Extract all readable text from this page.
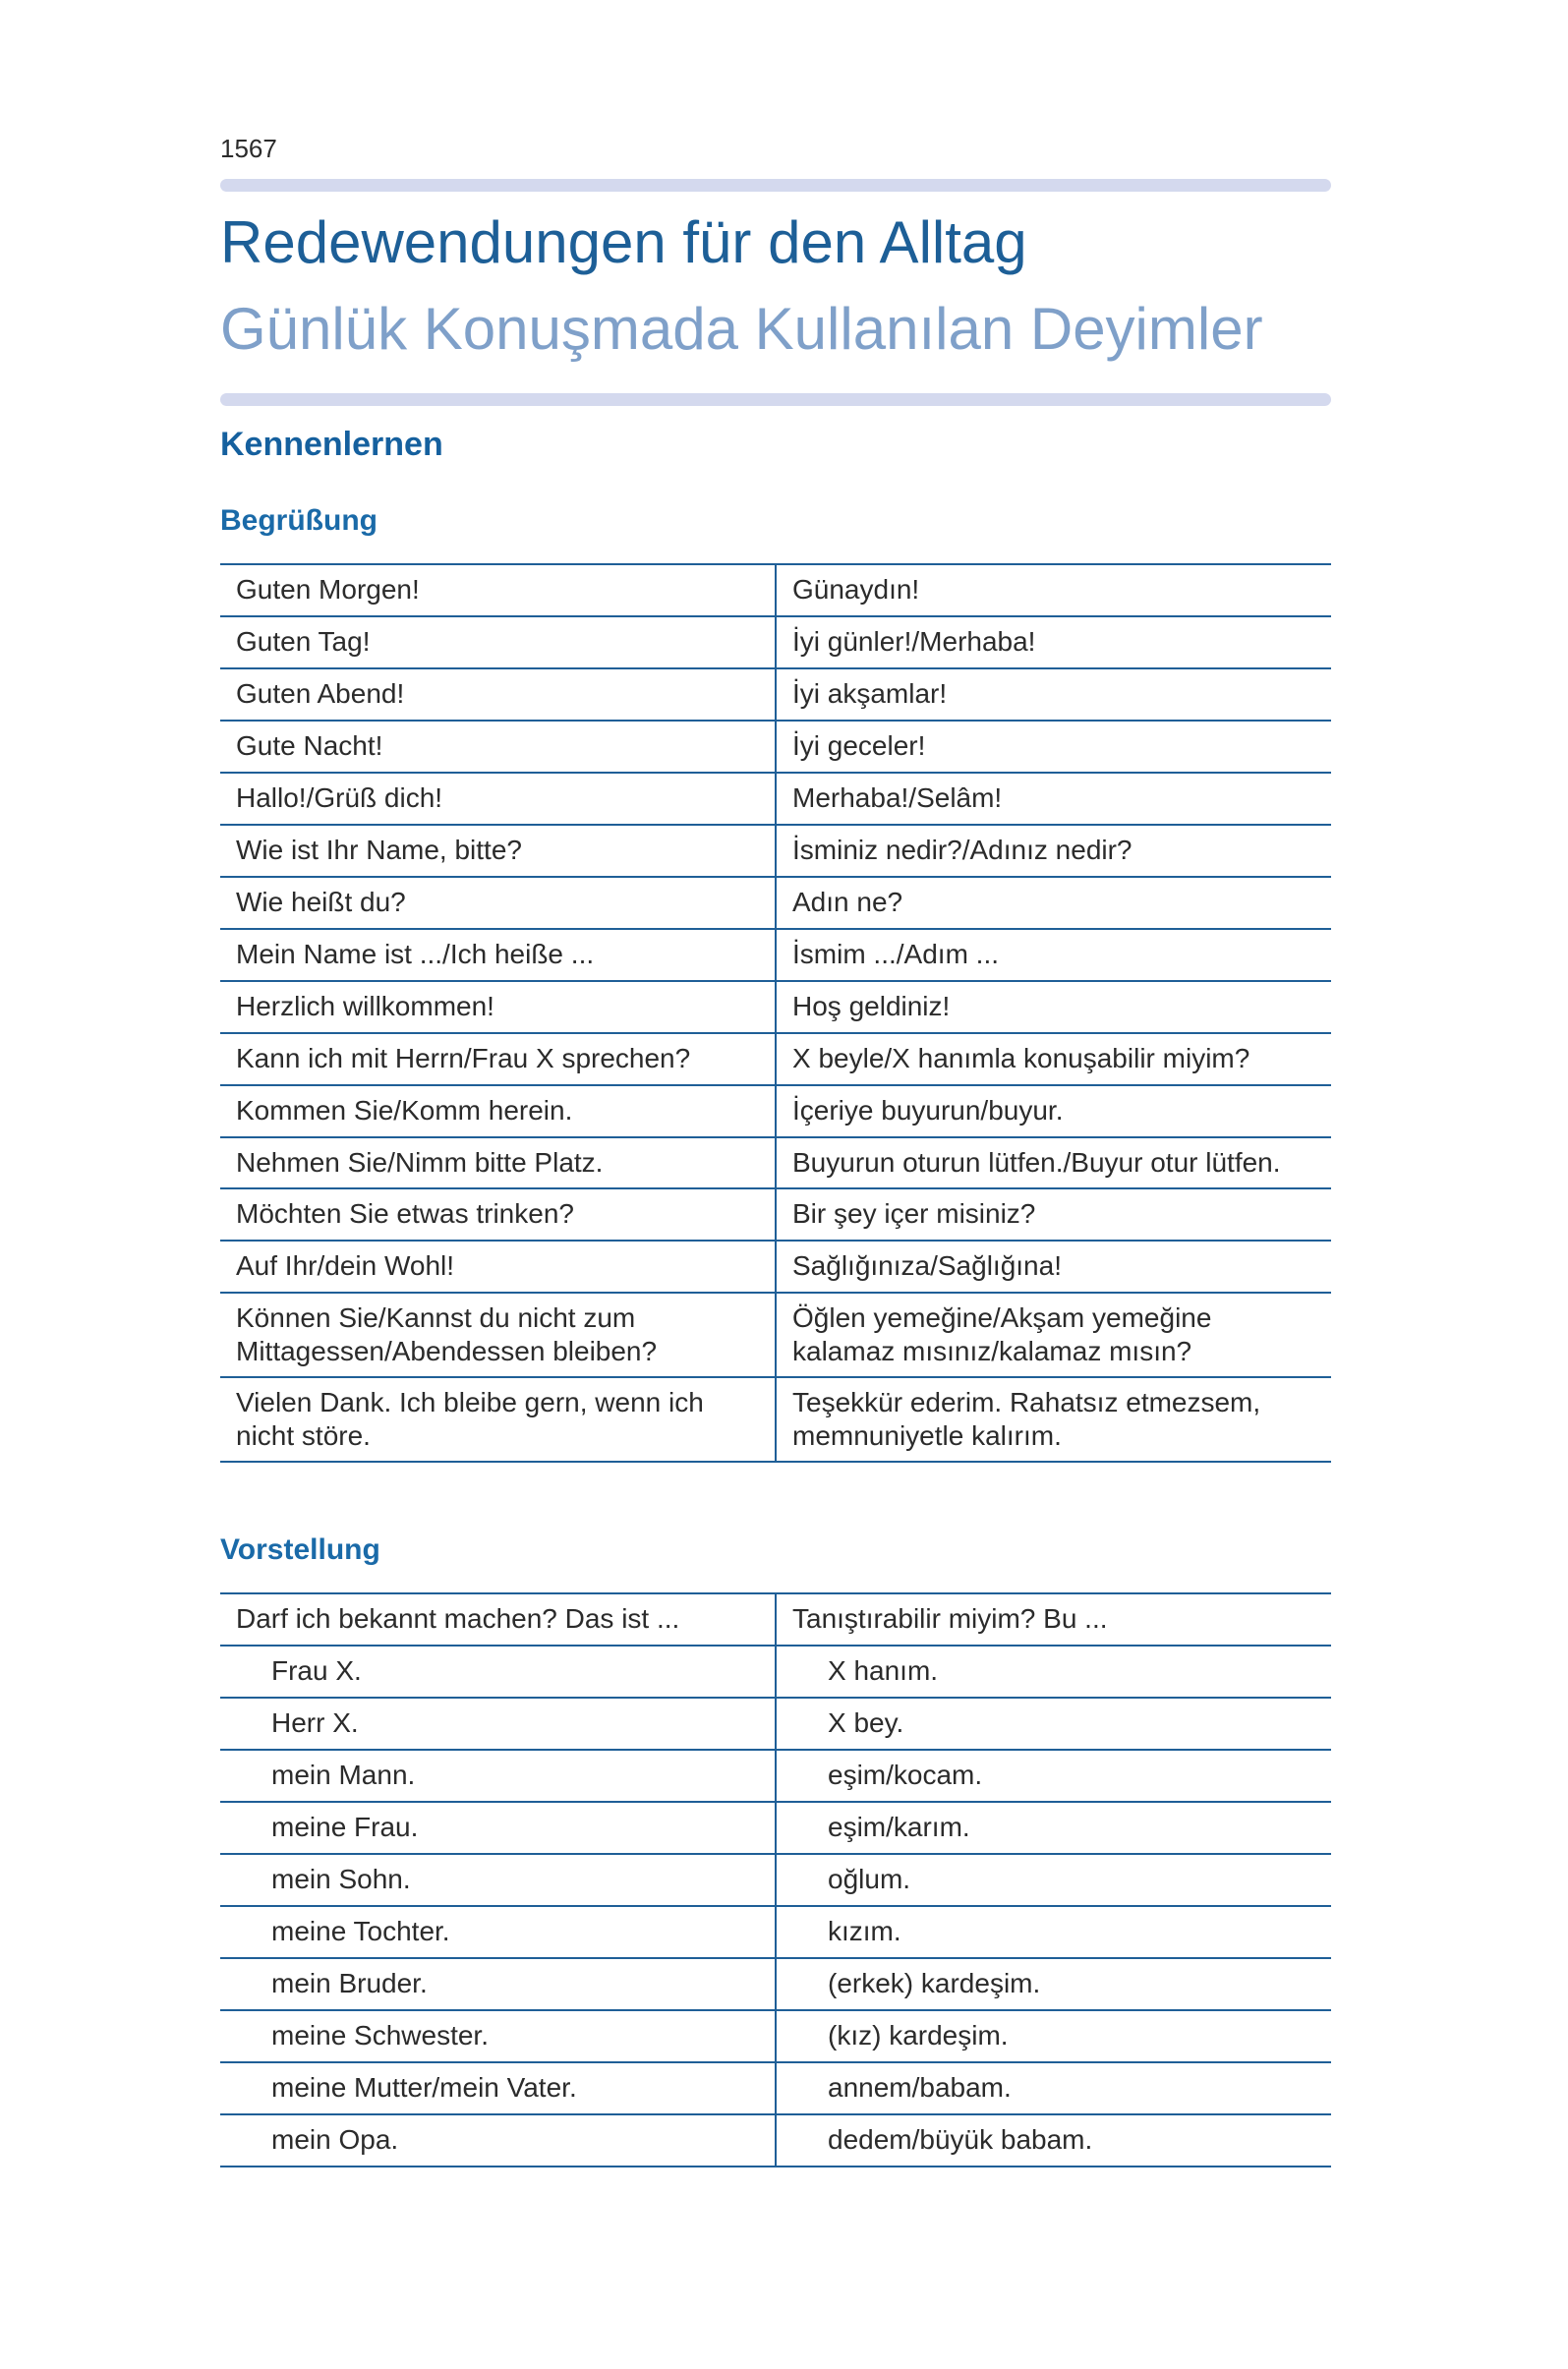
1567
Redewendungen für den Alltag
Günlük Konuşmada Kullanılan Deyimler
Kennenlernen
Begrüßung
Guten Morgen!	Günaydın!
Guten Tag!	İyi günler!/Merhaba!
Guten Abend!	İyi akşamlar!
Gute Nacht!	İyi geceler!
Hallo!/Grüß dich!	Merhaba!/Selâm!
Wie ist Ihr Name, bitte?	İsminiz nedir?/Adınız nedir?
Wie heißt du?	Adın ne?
Mein Name ist .../Ich heiße ...	İsmim .../Adım ...
Herzlich willkommen!	Hoş geldiniz!
Kann ich mit Herrn/Frau X sprechen?	X beyle/X hanımla konuşabilir miyim?
Kommen Sie/Komm herein.	İçeriye buyurun/buyur.
Nehmen Sie/Nimm bitte Platz.	Buyurun oturun lütfen./Buyur otur lütfen.
Möchten Sie etwas trinken?	Bir şey içer misiniz?
Auf Ihr/dein Wohl!	Sağlığınıza/Sağlığına!
Können Sie/Kannst du nicht zum Mittagessen/Abendessen bleiben?	Öğlen yemeğine/Akşam yemeğine kalamaz mısınız/kalamaz mısın?
Vielen Dank. Ich bleibe gern, wenn ich nicht störe.	Teşekkür ederim. Rahatsız etmezsem, memnuniyetle kalırım.
Vorstellung
Darf ich bekannt machen? Das ist ...	Tanıştırabilir miyim? Bu ...
Frau X.	X hanım.
Herr X.	X bey.
mein Mann.	eşim/kocam.
meine Frau.	eşim/karım.
mein Sohn.	oğlum.
meine Tochter.	kızım.
mein Bruder.	(erkek) kardeşim.
meine Schwester.	(kız) kardeşim.
meine Mutter/mein Vater.	annem/babam.
mein Opa.	dedem/büyük babam.
